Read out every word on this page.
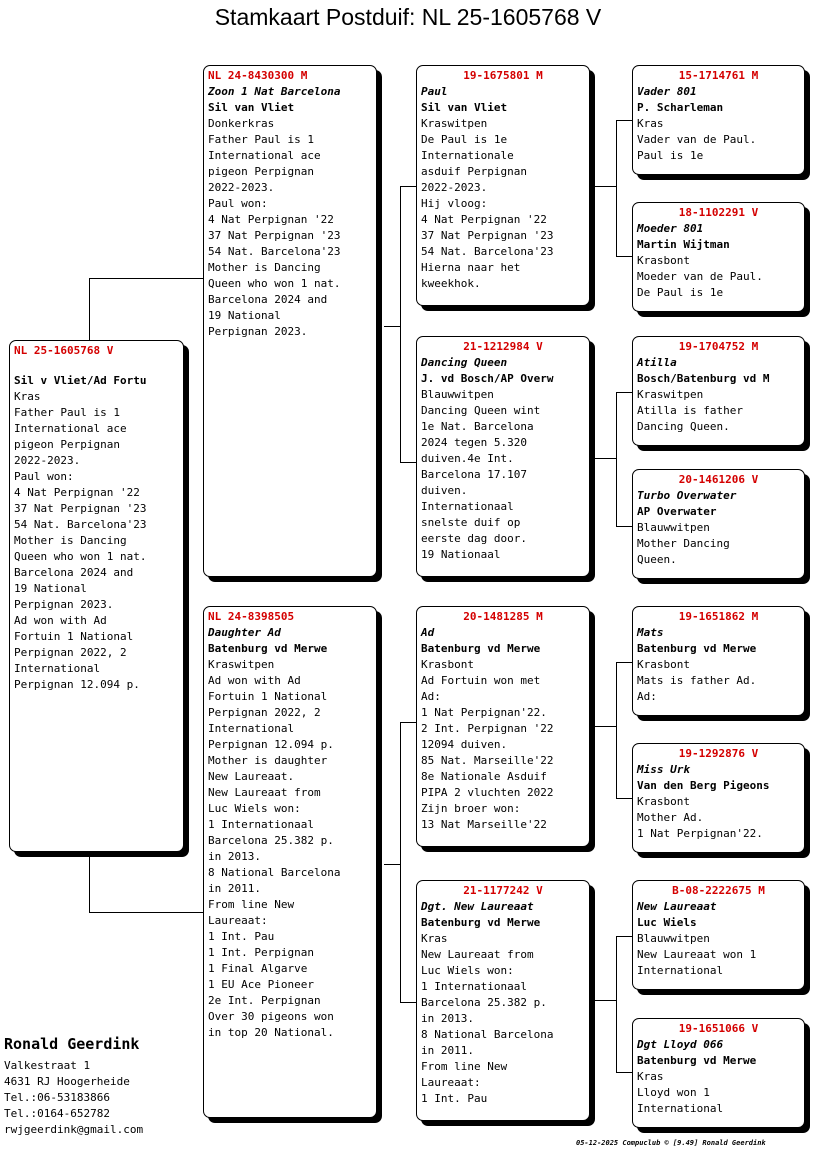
Stamkaart Postduif: NL 25-1605768 V
NL 25-1605768 V
Sil v Vliet/Ad Fortu
Kras
Father Paul is 1
International ace
pigeon Perpignan
2022-2023.
Paul won:
4 Nat Perpignan '22
37 Nat Perpignan '23
54 Nat. Barcelona'23
Mother is Dancing
Queen who won 1 nat.
Barcelona 2024 and
19 National
Perpignan 2023.
Ad won with Ad
Fortuin 1 National
Perpignan 2022, 2
International
Perpignan 12.094 p.
NL 24-8430300 M
Zoon 1 Nat Barcelona
Sil van Vliet
Donkerkras
Father Paul is 1
International ace
pigeon Perpignan
2022-2023.
Paul won:
4 Nat Perpignan '22
37 Nat Perpignan '23
54 Nat. Barcelona'23
Mother is Dancing
Queen who won 1 nat.
Barcelona 2024 and
19 National
Perpignan 2023.
NL 24-8398505
Daughter Ad
Batenburg vd Merwe
Kraswitpen
Ad won with Ad
Fortuin 1 National
Perpignan 2022, 2
International
Perpignan 12.094 p.
Mother is daughter
New Laureaat.
New Laureaat from
Luc Wiels won:
1 Internationaal
Barcelona 25.382 p.
in 2013.
8 National Barcelona
in 2011.
From line New
Laureaat:
1 Int. Pau
1 Int. Perpignan
1 Final Algarve
1 EU Ace Pioneer
2e Int. Perpignan
Over 30 pigeons won
in top 20 National.
19-1675801 M
Paul
Sil van Vliet
Kraswitpen
De Paul is 1e
Internationale
asduif Perpignan
2022-2023.
Hij vloog:
4 Nat Perpignan '22
37 Nat Perpignan '23
54 Nat. Barcelona'23
Hierna naar het
kweekhok.
21-1212984 V
Dancing Queen
J. vd Bosch/AP Overw
Blauwwitpen
Dancing Queen wint
1e Nat. Barcelona
2024 tegen 5.320
duiven.4e Int.
Barcelona 17.107
duiven.
Internationaal
snelste duif op
eerste dag door.
19 Nationaal
20-1481285 M
Ad
Batenburg vd Merwe
Krasbont
Ad Fortuin won met
Ad:
1 Nat Perpignan'22.
2 Int. Perpignan '22
12094 duiven.
85 Nat. Marseille'22
8e Nationale Asduif
PIPA 2 vluchten 2022
Zijn broer won:
13 Nat Marseille'22
21-1177242 V
Dgt. New Laureaat
Batenburg vd Merwe
Kras
New Laureaat from
Luc Wiels won:
1 Internationaal
Barcelona 25.382 p.
in 2013.
8 National Barcelona
in 2011.
From line New
Laureaat:
1 Int. Pau
15-1714761 M
Vader 801
P. Scharleman
Kras
Vader van de Paul.
Paul is 1e
18-1102291 V
Moeder 801
Martin Wijtman
Krasbont
Moeder van de Paul.
De Paul is 1e
19-1704752 M
Atilla
Bosch/Batenburg vd M
Kraswitpen
Atilla is father
Dancing Queen.
20-1461206 V
Turbo Overwater
AP Overwater
Blauwwitpen
Mother Dancing
Queen.
19-1651862 M
Mats
Batenburg vd Merwe
Krasbont
Mats is father Ad.
Ad:
19-1292876 V
Miss Urk
Van den Berg Pigeons
Krasbont
Mother Ad.
1 Nat Perpignan'22.
B-08-2222675 M
New Laureaat
Luc Wiels
Blauwwitpen
New Laureaat won 1
International
19-1651066 V
Dgt Lloyd 066
Batenburg vd Merwe
Kras
Lloyd won 1
International
Ronald Geerdink
Valkestraat 1
4631 RJ Hoogerheide
Tel.:06-53183866
Tel.:0164-652782
rwjgeerdink@gmail.com
05-12-2025 Compuclub © [9.49] Ronald Geerdink
